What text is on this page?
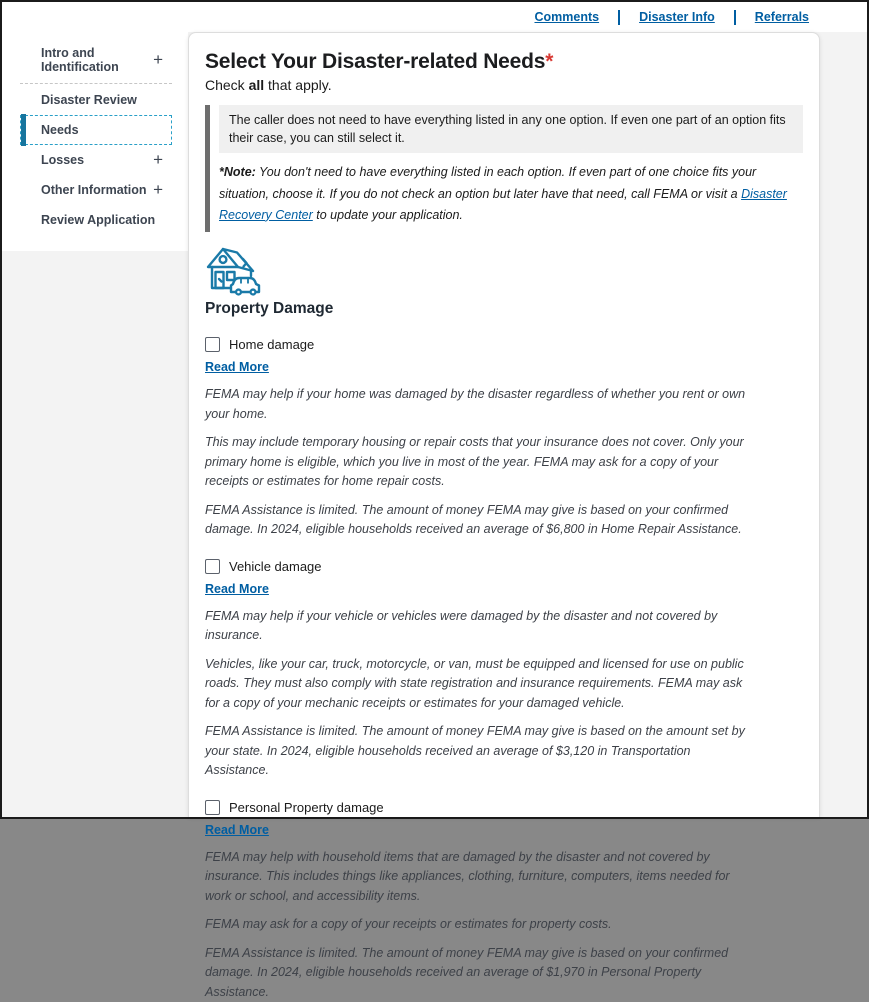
Comments	Disaster Info	Referrals
Intro and Identification	+
Disaster Review
Needs
Losses	+
Other Information +
Review Application
Select Your Disaster-related Needs*

Check all that apply.

The caller does not need to have everything listed in any one option. If even one part of an option fits their case, you can still select it.

*Note: You don't need to have everything listed in each option. If even part of one choice fits your situation, choose it. If you do not check an option but later have that need, call FEMA or visit a Disaster Recovery Center to update your application.

Property Damage
Home damage
Read More

FEMA may help if your home was damaged by the disaster regardless of whether you rent or own your home.

This may include temporary housing or repair costs that your insurance does not cover. Only your primary home is eligible, which you live in most of the year. FEMA may ask for a copy of your receipts or estimates for home repair costs.

FEMA Assistance is limited. The amount of money FEMA may give is based on your confirmed damage. In 2024, eligible households received an average of $6,800 in Home Repair Assistance.

Vehicle damage
Read More

FEMA may help if your vehicle or vehicles were damaged by the disaster and not covered by insurance.

Vehicles, like your car, truck, motorcycle, or van, must be equipped and licensed for use on public roads. They must also comply with state registration and insurance requirements. FEMA may ask for a copy of your mechanic receipts or estimates for your damaged vehicle.

FEMA Assistance is limited. The amount of money FEMA may give is based on the amount set by your state. In 2024, eligible households received an average of $3,120 in Transportation Assistance.

Personal Property damage
Read More

FEMA may help with household items that are damaged by the disaster and not covered by insurance. This includes things like appliances, clothing, furniture, computers, items needed for work or school, and accessibility items.

FEMA may ask for a copy of your receipts or estimates for property costs.

FEMA Assistance is limited. The amount of money FEMA may give is based on your confirmed damage. In 2024, eligible households received an average of $1,970 in Personal Property Assistance.
